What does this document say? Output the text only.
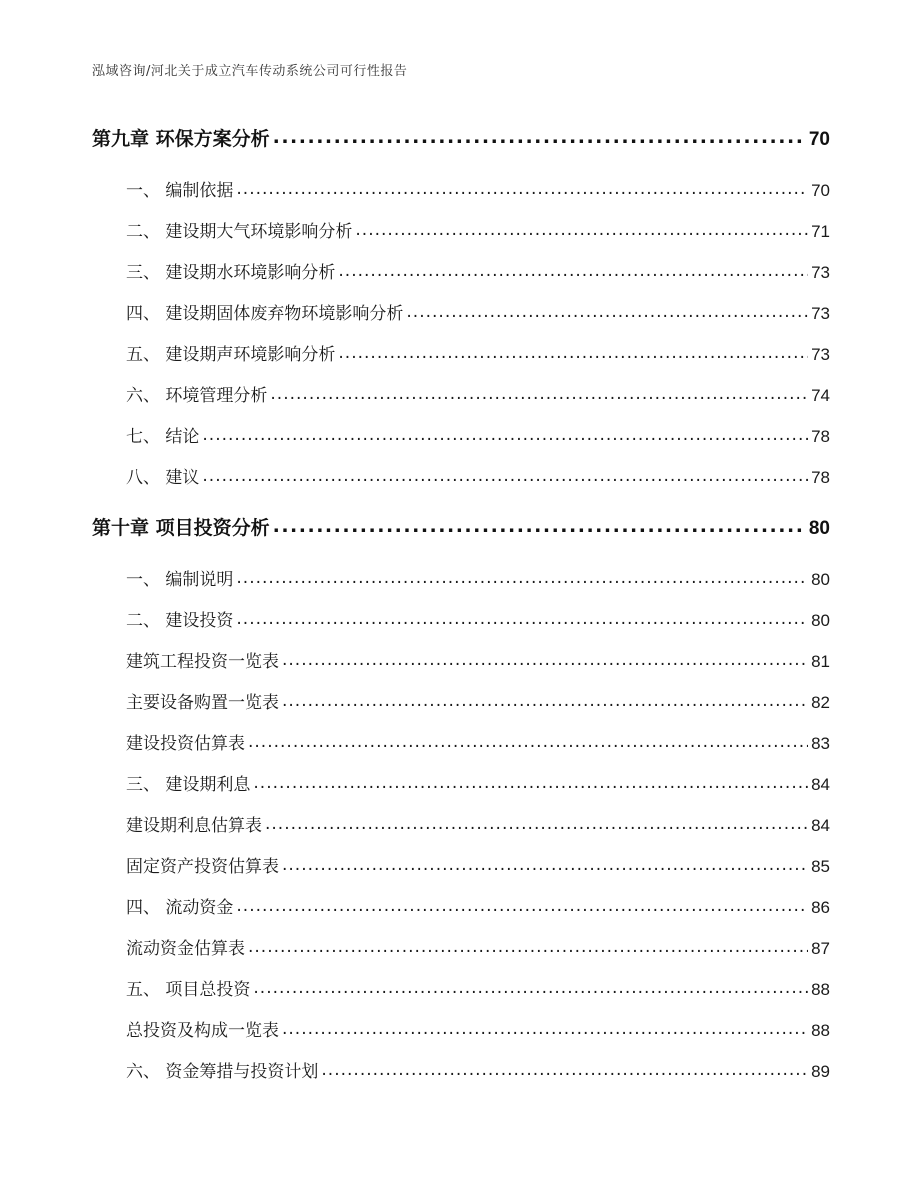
泓域咨询/河北关于成立汽车传动系统公司可行性报告
第九章 环保方案分析 .....	70
一、 编制依据 .....	70
二、 建设期大气环境影响分析 .....	71
三、 建设期水环境影响分析 .....	73
四、 建设期固体废弃物环境影响分析 .....	73
五、 建设期声环境影响分析 .....	73
六、 环境管理分析 .....	74
七、 结论 .....	78
八、 建议 .....	78
第十章 项目投资分析 .....	80
一、 编制说明 .....	80
二、 建设投资 .....	80
建筑工程投资一览表 .....	81
主要设备购置一览表 .....	82
建设投资估算表 .....	83
三、 建设期利息 .....	84
建设期利息估算表 .....	84
固定资产投资估算表 .....	85
四、 流动资金 .....	86
流动资金估算表 .....	87
五、 项目总投资 .....	88
总投资及构成一览表 .....	88
六、 资金筹措与投资计划 .....	89
